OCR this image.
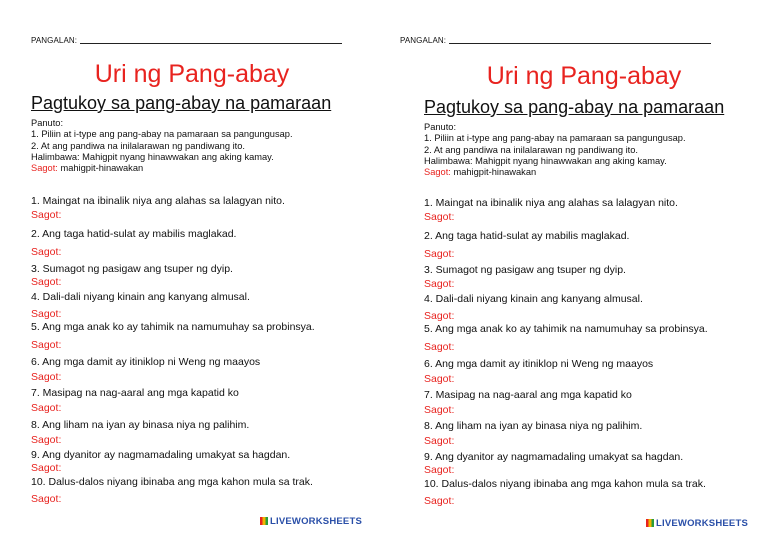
PANGALAN:
Uri ng Pang-abay
Pagtukoy sa pang-abay na pamaraan
Panuto:
1. Piliin at i-type ang pang-abay na pamaraan sa pangungusap.
2. At ang pandiwa na inilalarawan ng pandiwang ito.
Halimbawa: Mahigpit nyang hinawwakan ang aking kamay.
Sagot: mahigpit-hinawakan
1. Maingat na ibinalik niya ang alahas sa lalagyan nito.
Sagot:
2. Ang taga hatid-sulat ay mabilis maglakad.
Sagot:
3. Sumagot ng pasigaw ang tsuper ng dyip.
Sagot:
4. Dali-dali niyang kinain ang kanyang almusal.
Sagot:
5. Ang mga anak ko ay tahimik na namumuhay sa probinsya.
Sagot:
6. Ang mga damit ay itiniklop ni Weng ng maayos
Sagot:
7. Masipag na nag-aaral ang mga kapatid ko
Sagot:
8. Ang liham na iyan ay binasa niya ng palihim.
Sagot:
9. Ang dyanitor ay nagmamadaling umakyat sa hagdan.
Sagot:
10. Dalus-dalos niyang ibinaba ang mga kahon mula sa trak.
Sagot:
LIVEWORKSHEETS
PANGALAN:
Uri ng Pang-abay
Pagtukoy sa pang-abay na pamaraan
Panuto:
1. Piliin at i-type ang pang-abay na pamaraan sa pangungusap.
2. At ang pandiwa na inilalarawan ng pandiwang ito.
Halimbawa: Mahigpit nyang hinawwakan ang aking kamay.
Sagot: mahigpit-hinawakan
1. Maingat na ibinalik niya ang alahas sa lalagyan nito.
Sagot:
2. Ang taga hatid-sulat ay mabilis maglakad.
Sagot:
3. Sumagot ng pasigaw ang tsuper ng dyip.
Sagot:
4. Dali-dali niyang kinain ang kanyang almusal.
Sagot:
5. Ang mga anak ko ay tahimik na namumuhay sa probinsya.
Sagot:
6. Ang mga damit ay itiniklop ni Weng ng maayos
Sagot:
7. Masipag na nag-aaral ang mga kapatid ko
Sagot:
8. Ang liham na iyan ay binasa niya ng palihim.
Sagot:
9. Ang dyanitor ay nagmamadaling umakyat sa hagdan.
Sagot:
10. Dalus-dalos niyang ibinaba ang mga kahon mula sa trak.
Sagot:
LIVEWORKSHEETS
